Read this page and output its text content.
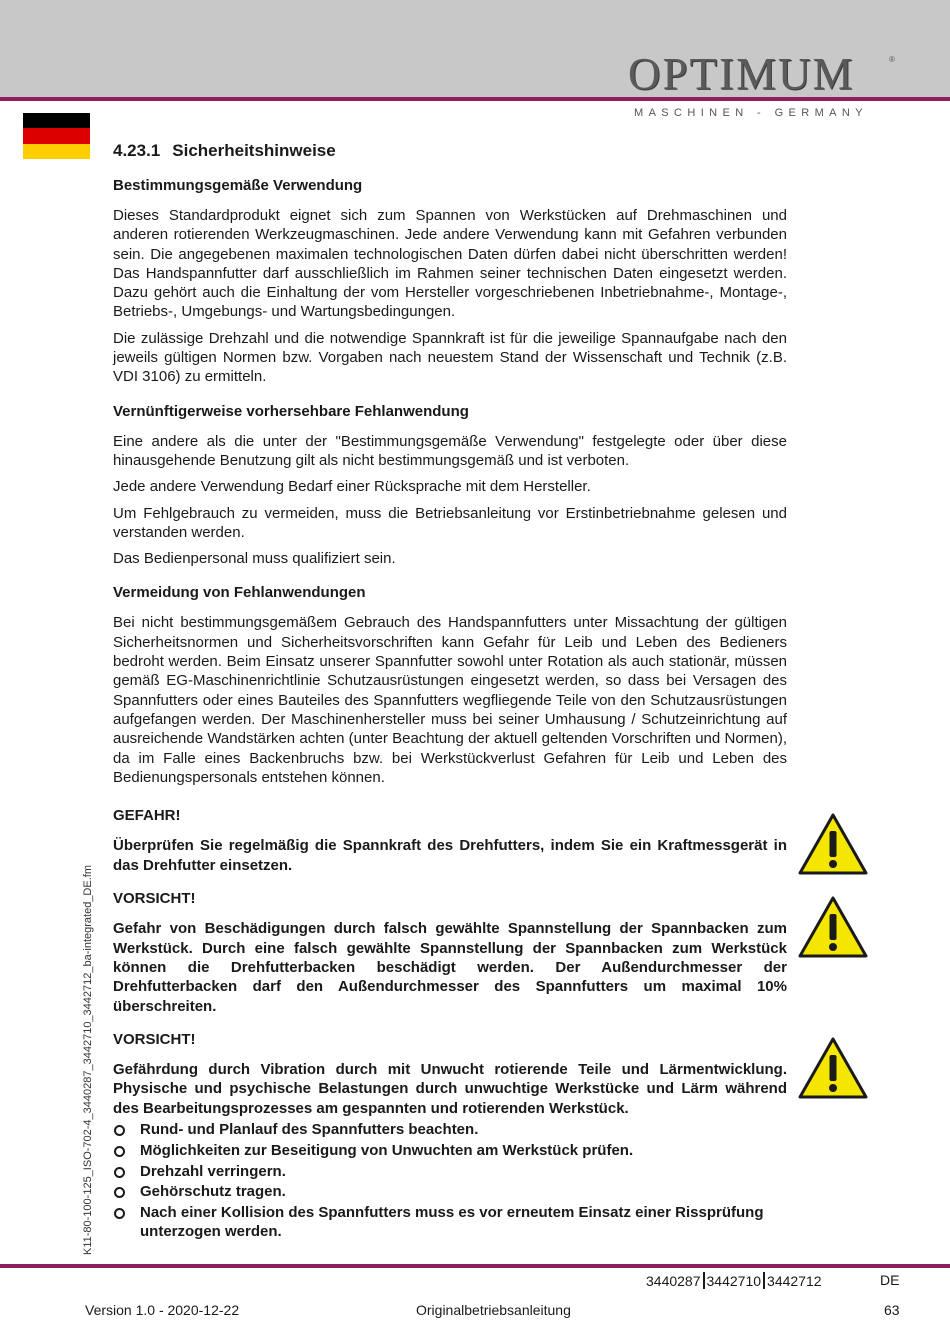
OPTIMUM	®
MASCHINEN - GERMANY
K11-80-100-125_ISO-702-4_3440287_3442710_3442712_ba-integrated_DE.fm
4.23.1 Sicherheitshinweise
Bestimmungsgemäße Verwendung

Dieses Standardprodukt eignet sich zum Spannen von Werkstücken auf Drehmaschinen und anderen rotierenden Werkzeugmaschinen. Jede andere Verwendung kann mit Gefahren verbunden sein. Die angegebenen maximalen technologischen Daten dürfen dabei nicht überschritten werden! Das Handspannfutter darf ausschließlich im Rahmen seiner technischen Daten eingesetzt werden. Dazu gehört auch die Einhaltung der vom Hersteller vorgeschriebenen Inbetriebnahme-, Montage-, Betriebs-, Umgebungs- und Wartungsbedingungen.

Die zulässige Drehzahl und die notwendige Spannkraft ist für die jeweilige Spannaufgabe nach den jeweils gültigen Normen bzw. Vorgaben nach neuestem Stand der Wissenschaft und Technik (z.B. VDI 3106) zu ermitteln.

Vernünftigerweise vorhersehbare Fehlanwendung

Eine andere als die unter der "Bestimmungsgemäße Verwendung" festgelegte oder über diese hinausgehende Benutzung gilt als nicht bestimmungsgemäß und ist verboten.

Jede andere Verwendung Bedarf einer Rücksprache mit dem Hersteller.

Um Fehlgebrauch zu vermeiden, muss die Betriebsanleitung vor Erstinbetriebnahme gelesen und verstanden werden.

Das Bedienpersonal muss qualifiziert sein.

Vermeidung von Fehlanwendungen

Bei nicht bestimmungsgemäßem Gebrauch des Handspannfutters unter Missachtung der gültigen Sicherheitsnormen und Sicherheitsvorschriften kann Gefahr für Leib und Leben des Bedieners bedroht werden. Beim Einsatz unserer Spannfutter sowohl unter Rotation als auch stationär, müssen gemäß EG-Maschinenrichtlinie Schutzausrüstungen eingesetzt werden, so dass bei Versagen des Spannfutters oder eines Bauteiles des Spannfutters wegfliegende Teile von den Schutzausrüstungen aufgefangen werden. Der Maschinenhersteller muss bei seiner Umhausung / Schutzeinrichtung auf ausreichende Wandstärken achten (unter Beachtung der aktuell geltenden Vorschriften und Normen), da im Falle eines Backenbruchs bzw. bei Werkstückverlust Gefahren für Leib und Leben des Bedienungspersonals entstehen können.

GEFAHR!

Überprüfen Sie regelmäßig die Spannkraft des Drehfutters, indem Sie ein Kraftmessgerät in das Drehfutter einsetzen.

VORSICHT!

Gefahr von Beschädigungen durch falsch gewählte Spannstellung der Spannbacken zum Werkstück. Durch eine falsch gewählte Spannstellung der Spannbacken zum Werkstück können die Drehfutterbacken beschädigt werden. Der Außendurchmesser der Drehfutterbacken darf den Außendurchmesser des Spannfutters um maximal 10% überschreiten.

VORSICHT!

Gefährdung durch Vibration durch mit Unwucht rotierende Teile und Lärmentwicklung. Physische und psychische Belastungen durch unwuchtige Werkstücke und Lärm während des Bearbeitungsprozesses am gespannten und rotierenden Werkstück.

Rund- und Planlauf des Spannfutters beachten.
Möglichkeiten zur Beseitigung von Unwuchten am Werkstück prüfen.
Drehzahl verringern.
Gehörschutz tragen.
Nach einer Kollision des Spannfutters muss es vor erneutem Einsatz einer Rissprüfung unterzogen werden.
3440287 3442710 3442712	DE
Version 1.0 - 2020-12-22	Originalbetriebsanleitung	63
